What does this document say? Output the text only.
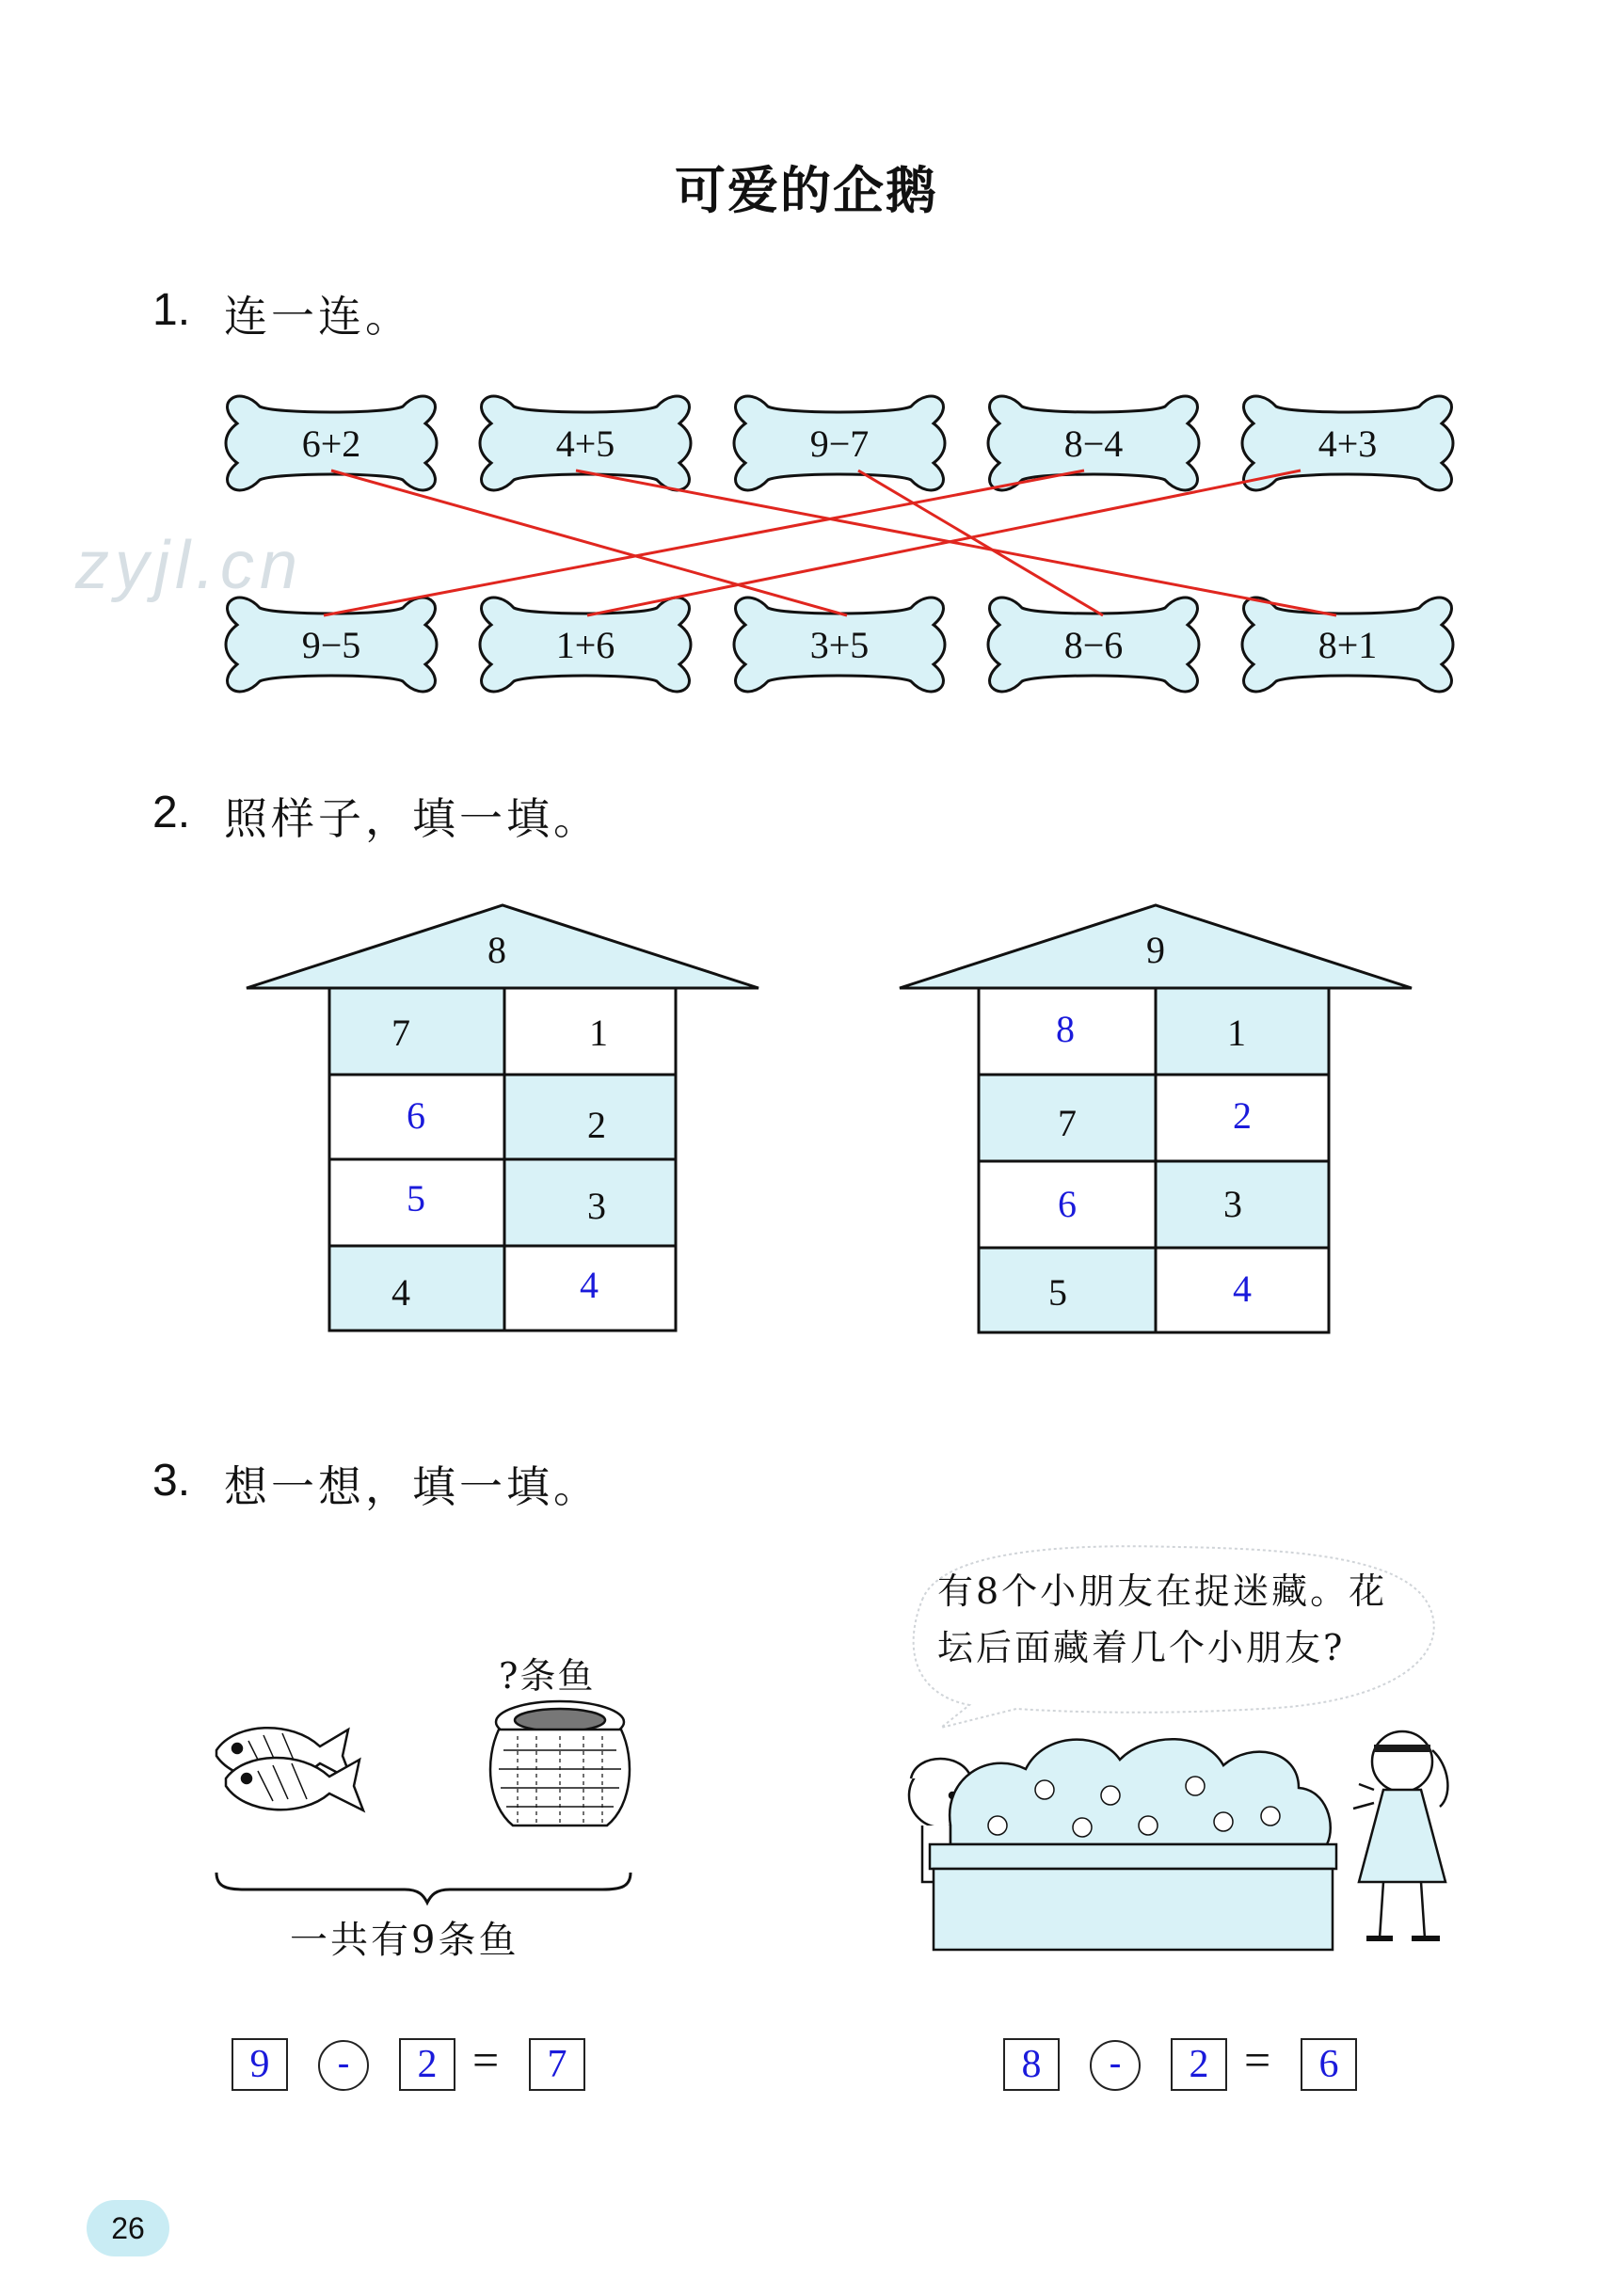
zyjl.cn
可爱的企鹅
1. 连一连。
6+2	4+5	9−7	8−4	4+3
9−5	1+6	3+5	8−6	8+1
2. 照样子，填一填。
8
7	1
6	2
5	3
4	4
9
8	1
7	2
6	3
5	4
3. 想一想，填一填。
?条鱼
一共有9条鱼
9	-	2 =	7
有8个小朋友在捉迷藏。花
坛后面藏着几个小朋友?
8	-	2 =	6
26
